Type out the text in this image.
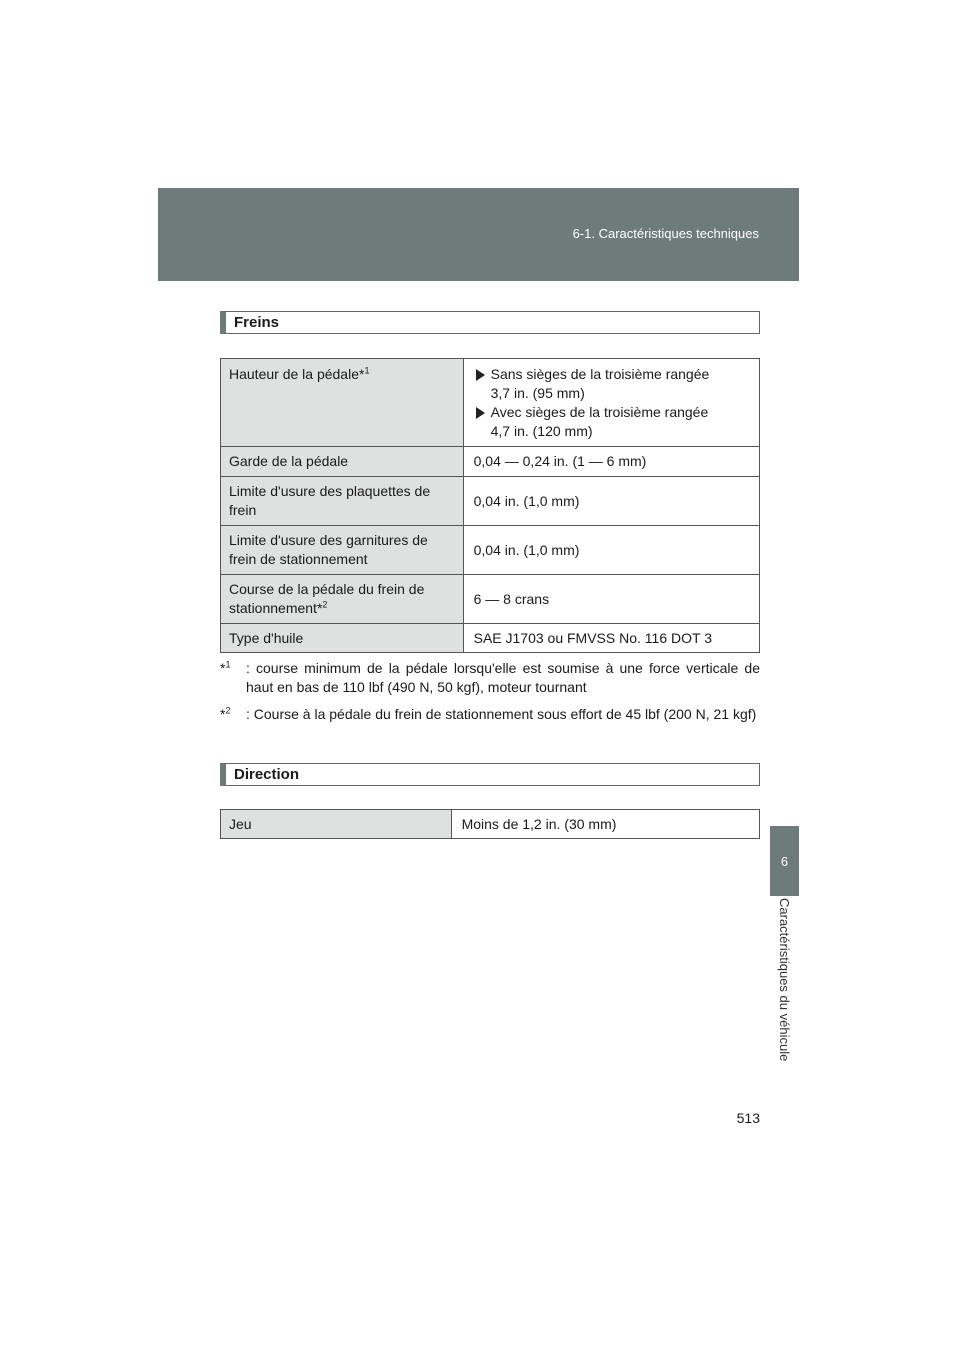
6-1. Caractéristiques techniques
6
Caractéristiques du véhicule
Freins
Hauteur de la pédale*$^1$	Sans sièges de la troisième rangée
3,7 in. (95 mm)
Avec sièges de la troisième rangée
4,7 in. (120 mm)

Garde de la pédale	0,04 — 0,24 in. (1 — 6 mm)
Limite d'usure des plaquettes de frein	0,04 in. (1,0 mm)
Limite d'usure des garnitures de frein de stationnement	0,04 in. (1,0 mm)
Course de la pédale du frein de stationnement*$^2$	6 — 8 crans
Type d'huile	SAE J1703 ou FMVSS No. 116 DOT 3
*$^1$	: course minimum de la pédale lorsqu'elle est soumise à une force verticale de haut en bas de 110 lbf (490 N, 50 kgf), moteur tournant
*$^2$	: Course à la pédale du frein de stationnement sous effort de 45 lbf (200 N, 21 kgf)
Direction
Jeu	Moins de 1,2 in. (30 mm)
513
